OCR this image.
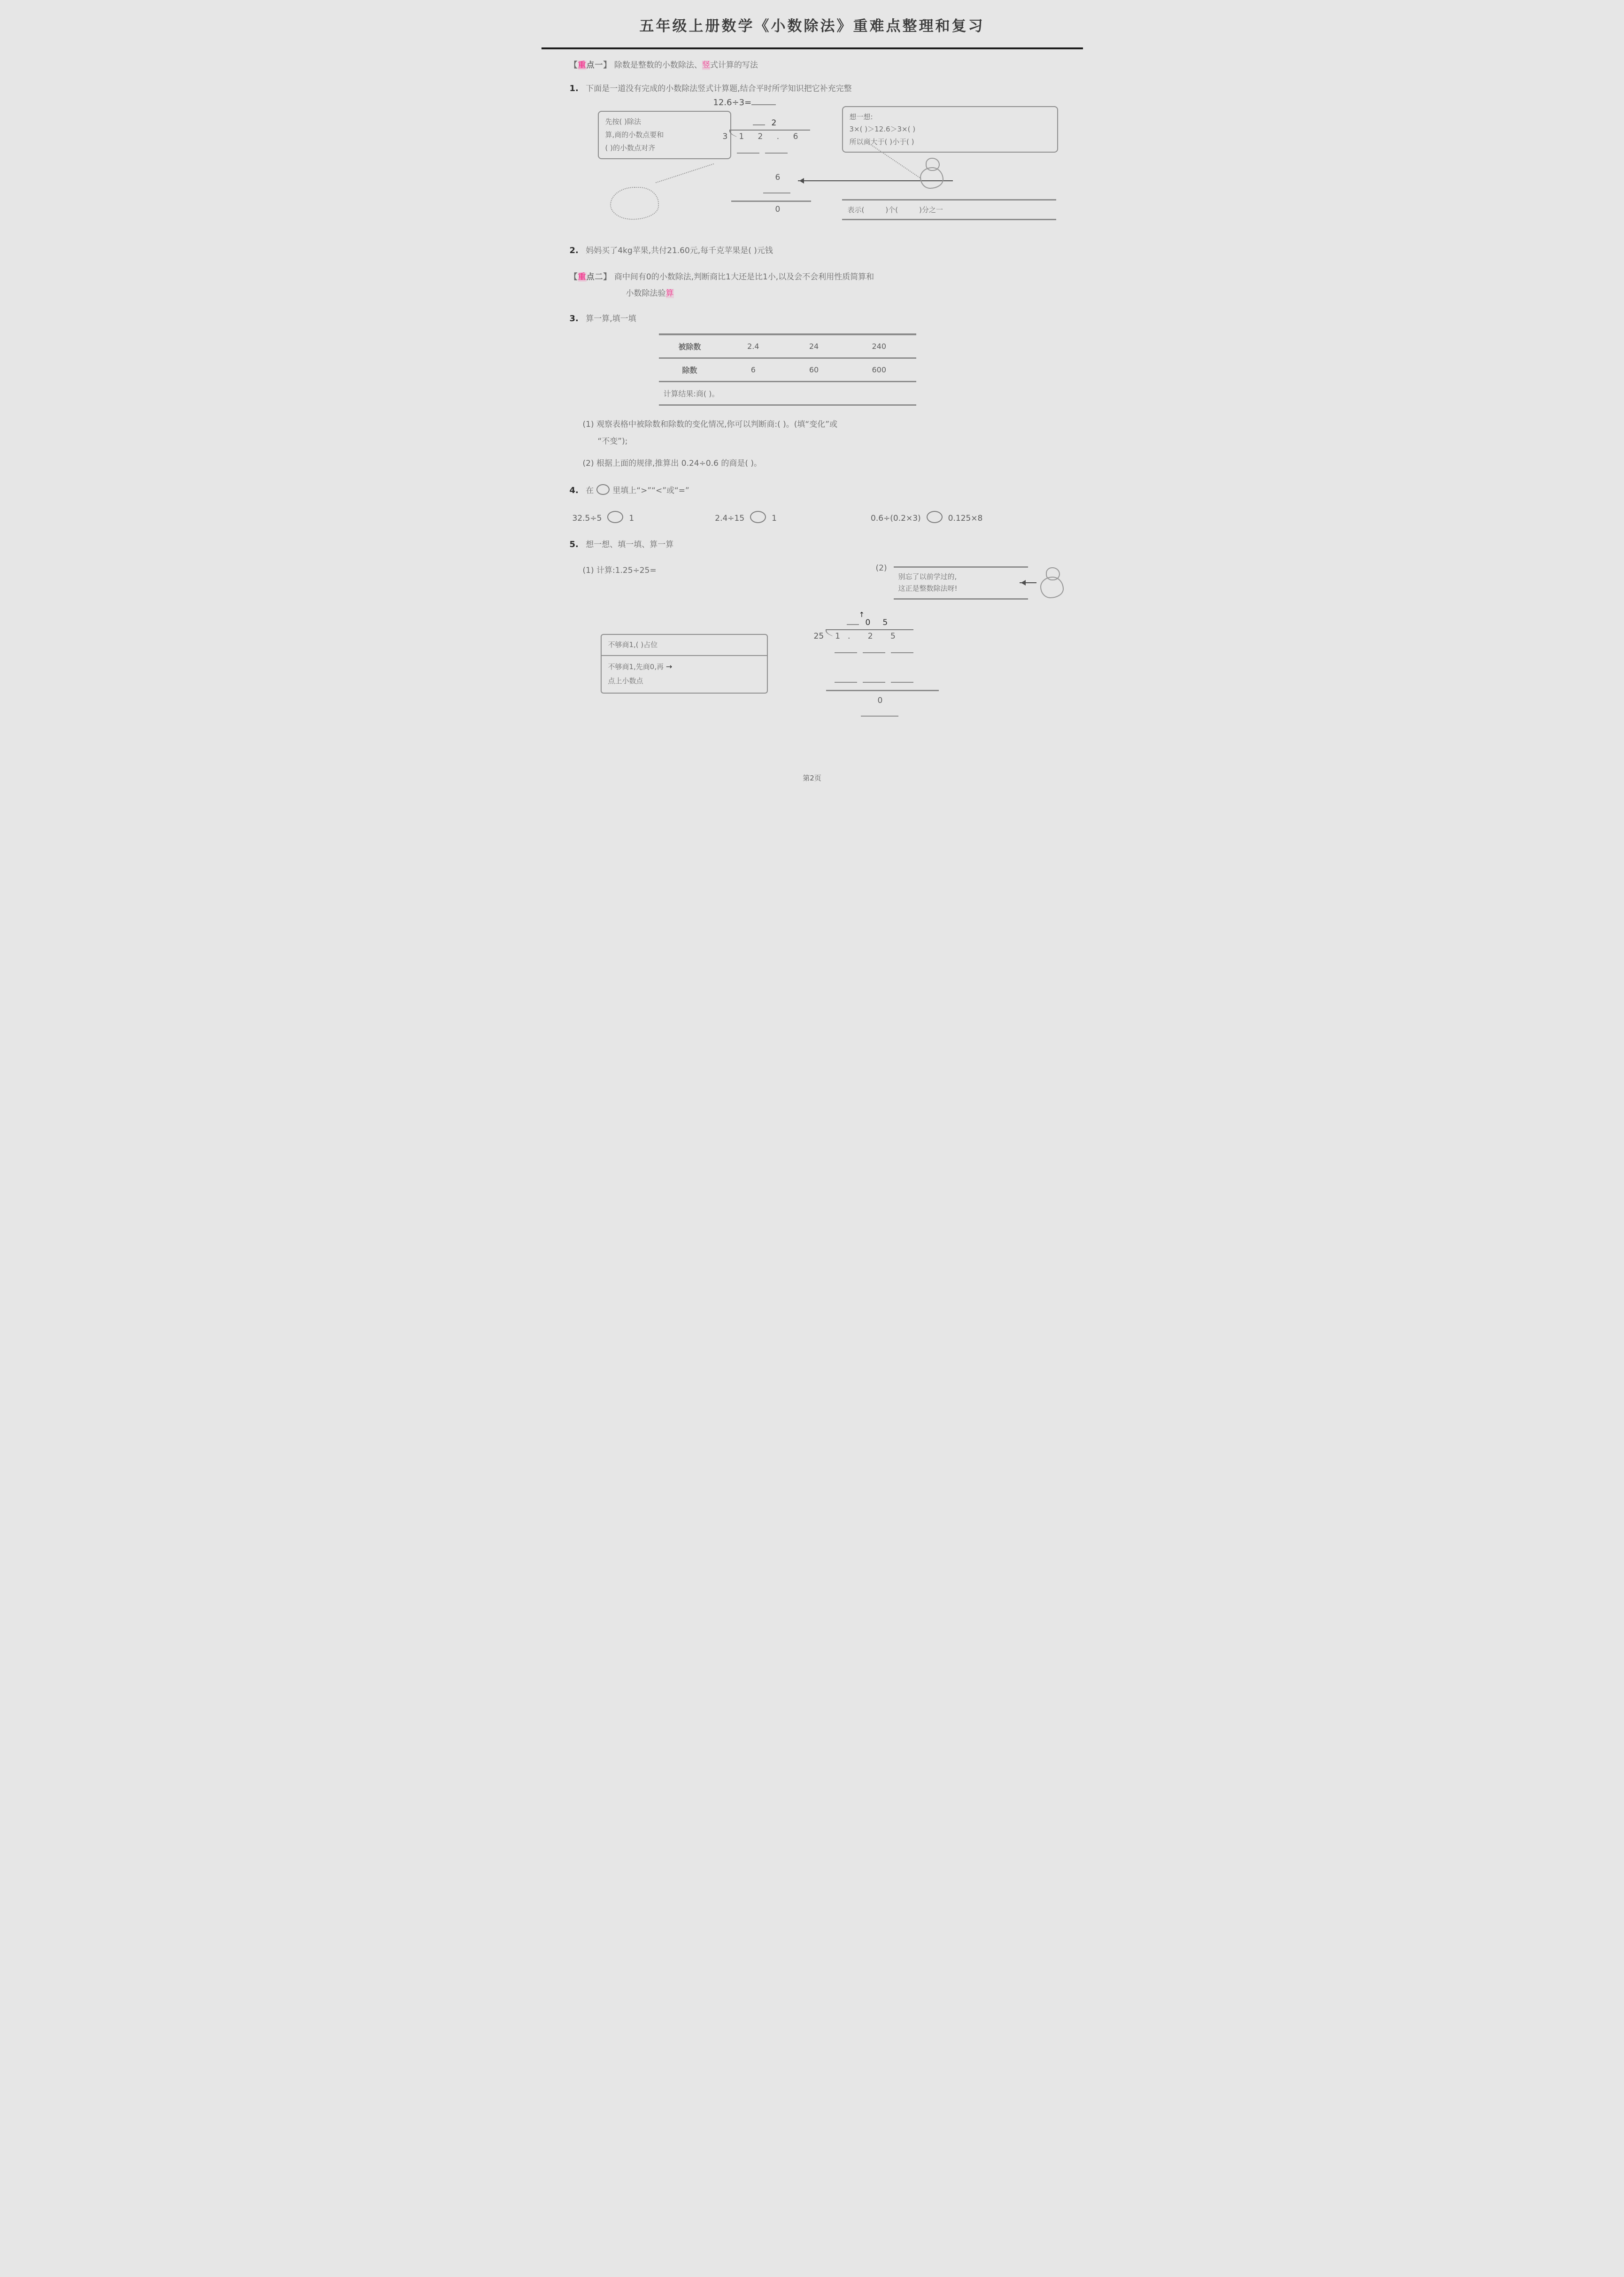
五年级上册数学《小数除法》重难点整理和复习
【重点一】 除数是整数的小数除法、竖式计算的写法
1. 下面是一道没有完成的小数除法竖式计算题,结合平时所学知识把它补充完整
12.6÷3=
先按( )除法
算,商的小数点要和
( )的小数点对齐
2
3 1 2 . 6
6
0
想一想:
3×( )＞12.6＞3×( )
所以商大于( )小于( )
表示(　　　)个(　　　)分之一
2. 妈妈买了4kg苹果,共付21.60元,每千克苹果是( )元钱
【重点二】 商中间有0的小数除法,判断商比1大还是比1小,以及会不会利用性质简算和
小数除法验算
3. 算一算,填一填
被除数	2.4	24	240
除数	6	60	600
计算结果:商( )。			
(1) 观察表格中被除数和除数的变化情况,你可以判断商:( )。(填“变化”或
“不变”);
(2) 根据上面的规律,推算出 0.24÷0.6 的商是( )。
4. 在 里填上“>”“<”或“=”
32.5÷5	1	2.4÷15	1	0.6÷(0.2×3)	0.125×8
5. 想一想、填一填、算一算
(1) 计算:1.25÷25=	(2)
别忘了以前学过的,
这正是整数除法呀!
不够商1,( )占位
不够商1,先商0,再 →
点上小数点
↑
0 5
25 1. 2 5
0
第2页
